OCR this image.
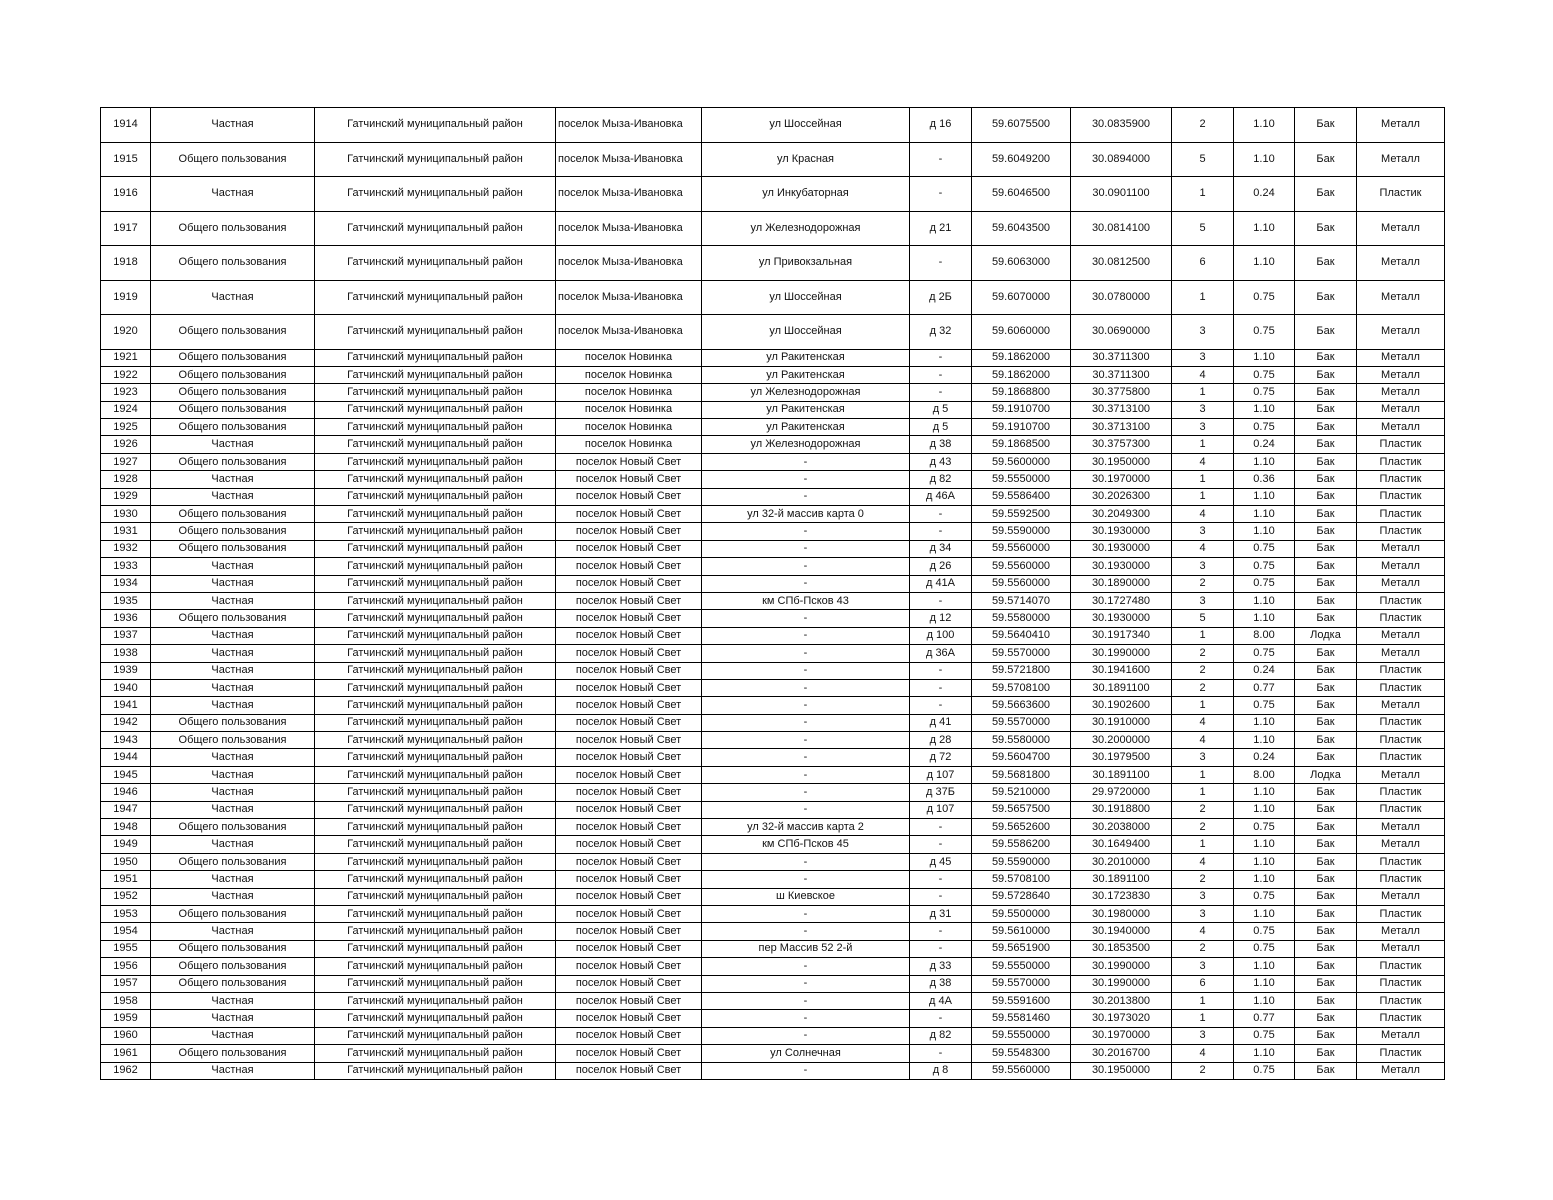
1914	Частная	Гатчинский муниципальный район	поселок Мыза-Ивановка	ул Шоссейная	д 16	59.6075500	30.0835900	2	1.10	Бак	Металл
1915	Общего пользования	Гатчинский муниципальный район	поселок Мыза-Ивановка	ул Красная	-	59.6049200	30.0894000	5	1.10	Бак	Металл
1916	Частная	Гатчинский муниципальный район	поселок Мыза-Ивановка	ул Инкубаторная	-	59.6046500	30.0901100	1	0.24	Бак	Пластик
1917	Общего пользования	Гатчинский муниципальный район	поселок Мыза-Ивановка	ул Железнодорожная	д 21	59.6043500	30.0814100	5	1.10	Бак	Металл
1918	Общего пользования	Гатчинский муниципальный район	поселок Мыза-Ивановка	ул Привокзальная	-	59.6063000	30.0812500	6	1.10	Бак	Металл
1919	Частная	Гатчинский муниципальный район	поселок Мыза-Ивановка	ул Шоссейная	д 2Б	59.6070000	30.0780000	1	0.75	Бак	Металл
1920	Общего пользования	Гатчинский муниципальный район	поселок Мыза-Ивановка	ул Шоссейная	д 32	59.6060000	30.0690000	3	0.75	Бак	Металл
1921	Общего пользования	Гатчинский муниципальный район	поселок Новинка	ул Ракитенская	-	59.1862000	30.3711300	3	1.10	Бак	Металл
1922	Общего пользования	Гатчинский муниципальный район	поселок Новинка	ул Ракитенская	-	59.1862000	30.3711300	4	0.75	Бак	Металл
1923	Общего пользования	Гатчинский муниципальный район	поселок Новинка	ул Железнодорожная	-	59.1868800	30.3775800	1	0.75	Бак	Металл
1924	Общего пользования	Гатчинский муниципальный район	поселок Новинка	ул Ракитенская	д 5	59.1910700	30.3713100	3	1.10	Бак	Металл
1925	Общего пользования	Гатчинский муниципальный район	поселок Новинка	ул Ракитенская	д 5	59.1910700	30.3713100	3	0.75	Бак	Металл
1926	Частная	Гатчинский муниципальный район	поселок Новинка	ул Железнодорожная	д 38	59.1868500	30.3757300	1	0.24	Бак	Пластик
1927	Общего пользования	Гатчинский муниципальный район	поселок Новый Свет	-	д 43	59.5600000	30.1950000	4	1.10	Бак	Пластик
1928	Частная	Гатчинский муниципальный район	поселок Новый Свет	-	д 82	59.5550000	30.1970000	1	0.36	Бак	Пластик
1929	Частная	Гатчинский муниципальный район	поселок Новый Свет	-	д 46А	59.5586400	30.2026300	1	1.10	Бак	Пластик
1930	Общего пользования	Гатчинский муниципальный район	поселок Новый Свет	ул 32-й массив карта 0	-	59.5592500	30.2049300	4	1.10	Бак	Пластик
1931	Общего пользования	Гатчинский муниципальный район	поселок Новый Свет	-	-	59.5590000	30.1930000	3	1.10	Бак	Пластик
1932	Общего пользования	Гатчинский муниципальный район	поселок Новый Свет	-	д 34	59.5560000	30.1930000	4	0.75	Бак	Металл
1933	Частная	Гатчинский муниципальный район	поселок Новый Свет	-	д 26	59.5560000	30.1930000	3	0.75	Бак	Металл
1934	Частная	Гатчинский муниципальный район	поселок Новый Свет	-	д 41А	59.5560000	30.1890000	2	0.75	Бак	Металл
1935	Частная	Гатчинский муниципальный район	поселок Новый Свет	км СПб-Псков 43	-	59.5714070	30.1727480	3	1.10	Бак	Пластик
1936	Общего пользования	Гатчинский муниципальный район	поселок Новый Свет	-	д 12	59.5580000	30.1930000	5	1.10	Бак	Пластик
1937	Частная	Гатчинский муниципальный район	поселок Новый Свет	-	д 100	59.5640410	30.1917340	1	8.00	Лодка	Металл
1938	Частная	Гатчинский муниципальный район	поселок Новый Свет	-	д 36А	59.5570000	30.1990000	2	0.75	Бак	Металл
1939	Частная	Гатчинский муниципальный район	поселок Новый Свет	-	-	59.5721800	30.1941600	2	0.24	Бак	Пластик
1940	Частная	Гатчинский муниципальный район	поселок Новый Свет	-	-	59.5708100	30.1891100	2	0.77	Бак	Пластик
1941	Частная	Гатчинский муниципальный район	поселок Новый Свет	-	-	59.5663600	30.1902600	1	0.75	Бак	Металл
1942	Общего пользования	Гатчинский муниципальный район	поселок Новый Свет	-	д 41	59.5570000	30.1910000	4	1.10	Бак	Пластик
1943	Общего пользования	Гатчинский муниципальный район	поселок Новый Свет	-	д 28	59.5580000	30.2000000	4	1.10	Бак	Пластик
1944	Частная	Гатчинский муниципальный район	поселок Новый Свет	-	д 72	59.5604700	30.1979500	3	0.24	Бак	Пластик
1945	Частная	Гатчинский муниципальный район	поселок Новый Свет	-	д 107	59.5681800	30.1891100	1	8.00	Лодка	Металл
1946	Частная	Гатчинский муниципальный район	поселок Новый Свет	-	д 37Б	59.5210000	29.9720000	1	1.10	Бак	Пластик
1947	Частная	Гатчинский муниципальный район	поселок Новый Свет	-	д 107	59.5657500	30.1918800	2	1.10	Бак	Пластик
1948	Общего пользования	Гатчинский муниципальный район	поселок Новый Свет	ул 32-й массив карта 2	-	59.5652600	30.2038000	2	0.75	Бак	Металл
1949	Частная	Гатчинский муниципальный район	поселок Новый Свет	км СПб-Псков 45	-	59.5586200	30.1649400	1	1.10	Бак	Металл
1950	Общего пользования	Гатчинский муниципальный район	поселок Новый Свет	-	д 45	59.5590000	30.2010000	4	1.10	Бак	Пластик
1951	Частная	Гатчинский муниципальный район	поселок Новый Свет	-	-	59.5708100	30.1891100	2	1.10	Бак	Пластик
1952	Частная	Гатчинский муниципальный район	поселок Новый Свет	ш Киевское	-	59.5728640	30.1723830	3	0.75	Бак	Металл
1953	Общего пользования	Гатчинский муниципальный район	поселок Новый Свет	-	д 31	59.5500000	30.1980000	3	1.10	Бак	Пластик
1954	Частная	Гатчинский муниципальный район	поселок Новый Свет	-	-	59.5610000	30.1940000	4	0.75	Бак	Металл
1955	Общего пользования	Гатчинский муниципальный район	поселок Новый Свет	пер Массив 52 2-й	-	59.5651900	30.1853500	2	0.75	Бак	Металл
1956	Общего пользования	Гатчинский муниципальный район	поселок Новый Свет	-	д 33	59.5550000	30.1990000	3	1.10	Бак	Пластик
1957	Общего пользования	Гатчинский муниципальный район	поселок Новый Свет	-	д 38	59.5570000	30.1990000	6	1.10	Бак	Пластик
1958	Частная	Гатчинский муниципальный район	поселок Новый Свет	-	д 4А	59.5591600	30.2013800	1	1.10	Бак	Пластик
1959	Частная	Гатчинский муниципальный район	поселок Новый Свет	-	-	59.5581460	30.1973020	1	0.77	Бак	Пластик
1960	Частная	Гатчинский муниципальный район	поселок Новый Свет	-	д 82	59.5550000	30.1970000	3	0.75	Бак	Металл
1961	Общего пользования	Гатчинский муниципальный район	поселок Новый Свет	ул Солнечная	-	59.5548300	30.2016700	4	1.10	Бак	Пластик
1962	Частная	Гатчинский муниципальный район	поселок Новый Свет	-	д 8	59.5560000	30.1950000	2	0.75	Бак	Металл
